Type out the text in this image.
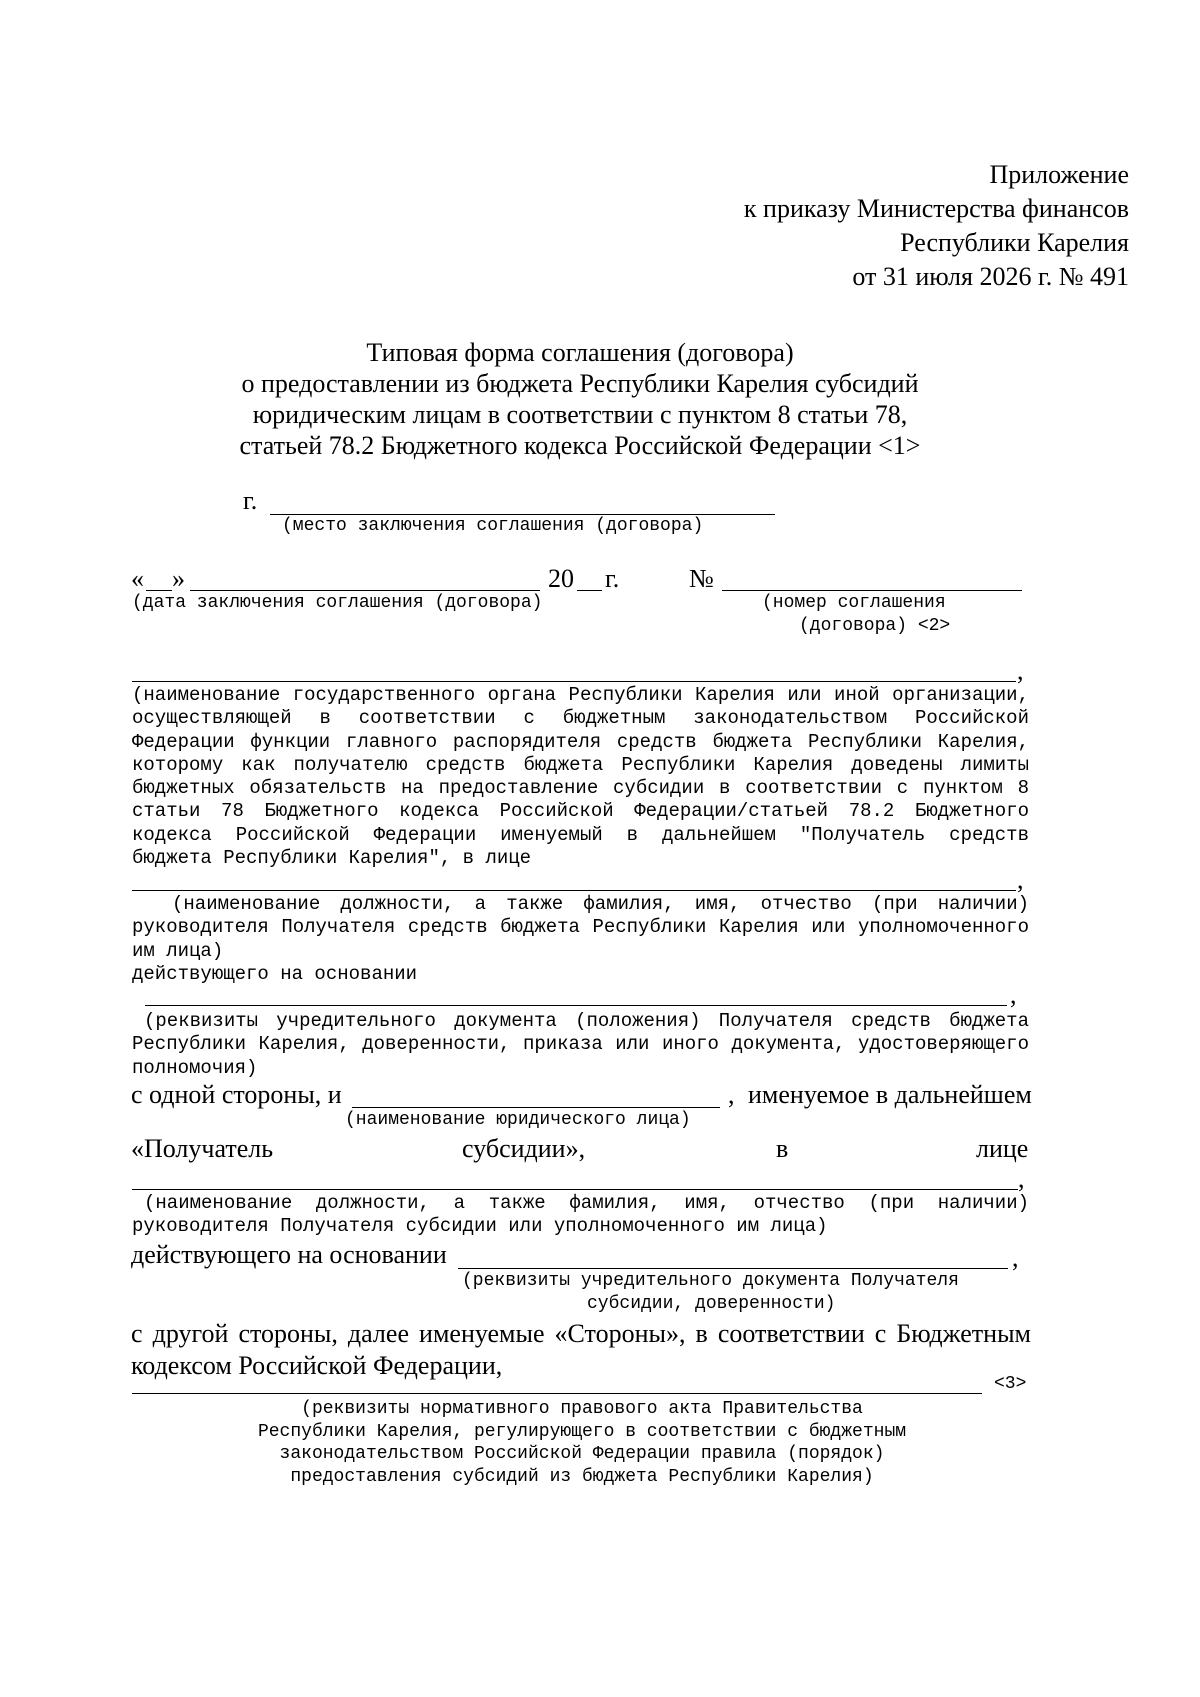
Приложение
к приказу Министерства финансов
Республики Карелия
от 31 июля 2026 г. № 491
Типовая форма соглашения (договора)
о предоставлении из бюджета Республики Карелия субсидий
юридическим лицам в соответствии с пунктом 8 статьи 78,
статьей 78.2 Бюджетного кодекса Российской Федерации <1>
г.
(место заключения соглашения (договора)
« »	20 г.	№
(дата заключения соглашения (договора)	(номер соглашения
(договора) <2>
,
(наименование государственного органа Республики Карелия или иной организации, осуществляющей в соответствии с бюджетным законодательством Российской Федерации функции главного распорядителя средств бюджета Республики Карелия, которому как получателю средств бюджета Республики Карелия доведены лимиты бюджетных обязательств на предоставление субсидии в соответствии с пунктом 8 статьи 78 Бюджетного кодекса Российской Федерации/статьей 78.2 Бюджетного кодекса Российской Федерации именуемый в дальнейшем "Получатель средств бюджета Республики Карелия", в лице
,
(наименование должности, а также фамилия, имя, отчество (при наличии) руководителя Получателя средств бюджета Республики Карелия или уполномоченного им лица)
действующего на основании
,
(реквизиты учредительного документа (положения) Получателя средств бюджета Республики Карелия, доверенности, приказа или иного документа, удостоверяющего полномочия)
с одной стороны, и	, именуемое в дальнейшем
(наименование юридического лица)
«Получатель	субсидии»,	в	лице
,
(наименование должности, а также фамилия, имя, отчество (при наличии) руководителя Получателя субсидии или уполномоченного им лица)
действующего на основании	,
(реквизиты учредительного документа Получателя
субсидии, доверенности)
с другой стороны, далее именуемые «Стороны», в соответствии с Бюджетным кодексом Российской Федерации,
<3>
(реквизиты нормативного правового акта Правительства
Республики Карелия, регулирующего в соответствии с бюджетным
законодательством Российской Федерации правила (порядок)
предоставления субсидий из бюджета Республики Карелия)
